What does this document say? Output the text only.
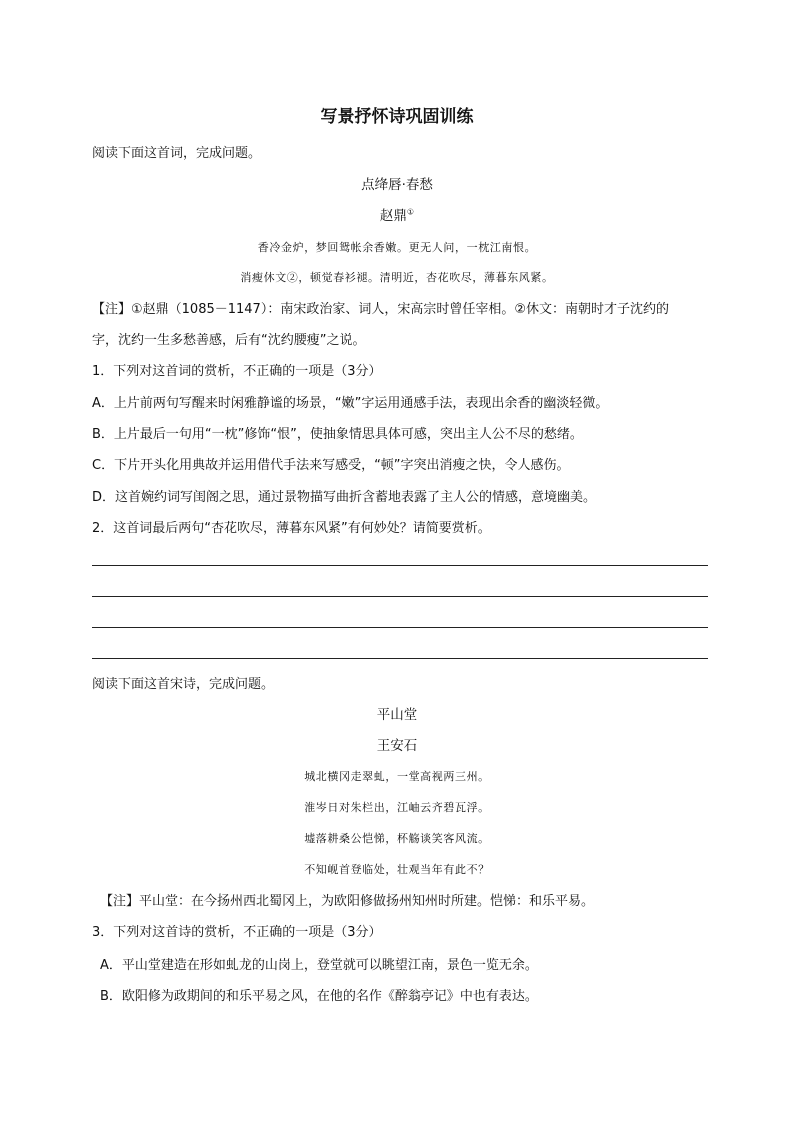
写景抒怀诗巩固训练
阅读下面这首词，完成问题。
点绛唇·春愁
赵鼎①
香冷金炉，梦回鸳帐余香嫩。更无人问，一枕江南恨。
消瘦休文②，顿觉春衫褪。清明近，杏花吹尽，薄暮东风紧。
【注】①赵鼎（1085－1147）：南宋政治家、词人，宋高宗时曾任宰相。②休文：南朝时才子沈约的
字，沈约一生多愁善感，后有“沈约腰瘦”之说。
1．下列对这首词的赏析，不正确的一项是（3分）
A．上片前两句写醒来时闲雅静谧的场景，“嫩”字运用通感手法，表现出余香的幽淡轻微。
B．上片最后一句用“一枕”修饰“恨”，使抽象情思具体可感，突出主人公不尽的愁绪。
C．下片开头化用典故并运用借代手法来写感受，“顿”字突出消瘦之快，令人感伤。
D．这首婉约词写闺阁之思，通过景物描写曲折含蓄地表露了主人公的情感，意境幽美。
2．这首词最后两句“杏花吹尽，薄暮东风紧”有何妙处？请简要赏析。
阅读下面这首宋诗，完成问题。
平山堂
王安石
城北横冈走翠虬，一堂高视两三州。
淮岑日对朱栏出，江岫云齐碧瓦浮。
墟落耕桑公恺悌，杯觞谈笑客风流。
不知岘首登临处，壮观当年有此不？
【注】平山堂：在今扬州西北蜀冈上，为欧阳修做扬州知州时所建。恺悌：和乐平易。
3．下列对这首诗的赏析，不正确的一项是（3分）
A．平山堂建造在形如虬龙的山岗上，登堂就可以眺望江南，景色一览无余。
B．欧阳修为政期间的和乐平易之风，在他的名作《醉翁亭记》中也有表达。
